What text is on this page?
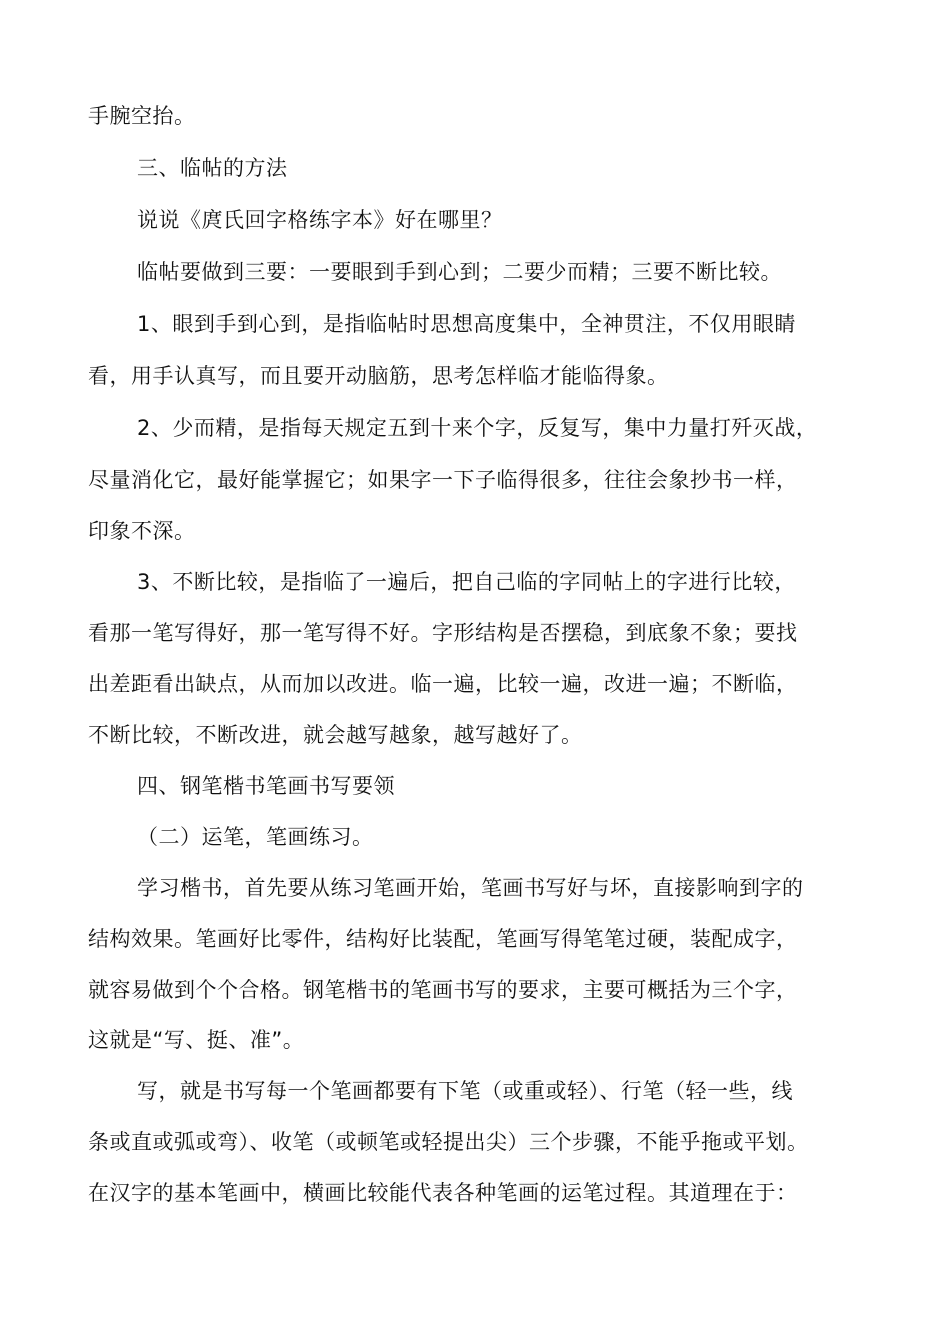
手腕空抬。
三、临帖的方法
说说《庹氏回字格练字本》好在哪里？
临帖要做到三要：一要眼到手到心到；二要少而精；三要不断比较。
1、眼到手到心到，是指临帖时思想高度集中，全神贯注，不仅用眼睛
看，用手认真写，而且要开动脑筋，思考怎样临才能临得象。
2、少而精，是指每天规定五到十来个字，反复写，集中力量打歼灭战，
尽量消化它，最好能掌握它；如果字一下子临得很多，往往会象抄书一样，
印象不深。
3、不断比较，是指临了一遍后，把自己临的字同帖上的字进行比较，
看那一笔写得好，那一笔写得不好。字形结构是否摆稳，到底象不象；要找
出差距看出缺点，从而加以改进。临一遍，比较一遍，改进一遍；不断临，
不断比较，不断改进，就会越写越象，越写越好了。
四、钢笔楷书笔画书写要领
（二）运笔，笔画练习。
学习楷书，首先要从练习笔画开始，笔画书写好与坏，直接影响到字的
结构效果。笔画好比零件，结构好比装配，笔画写得笔笔过硬，装配成字，
就容易做到个个合格。钢笔楷书的笔画书写的要求，主要可概括为三个字，
这就是“写、挺、准”。
写，就是书写每一个笔画都要有下笔（或重或轻）、行笔（轻一些，线
条或直或弧或弯）、收笔（或顿笔或轻提出尖）三个步骤，不能乎拖或平划。
在汉字的基本笔画中，横画比较能代表各种笔画的运笔过程。其道理在于：
